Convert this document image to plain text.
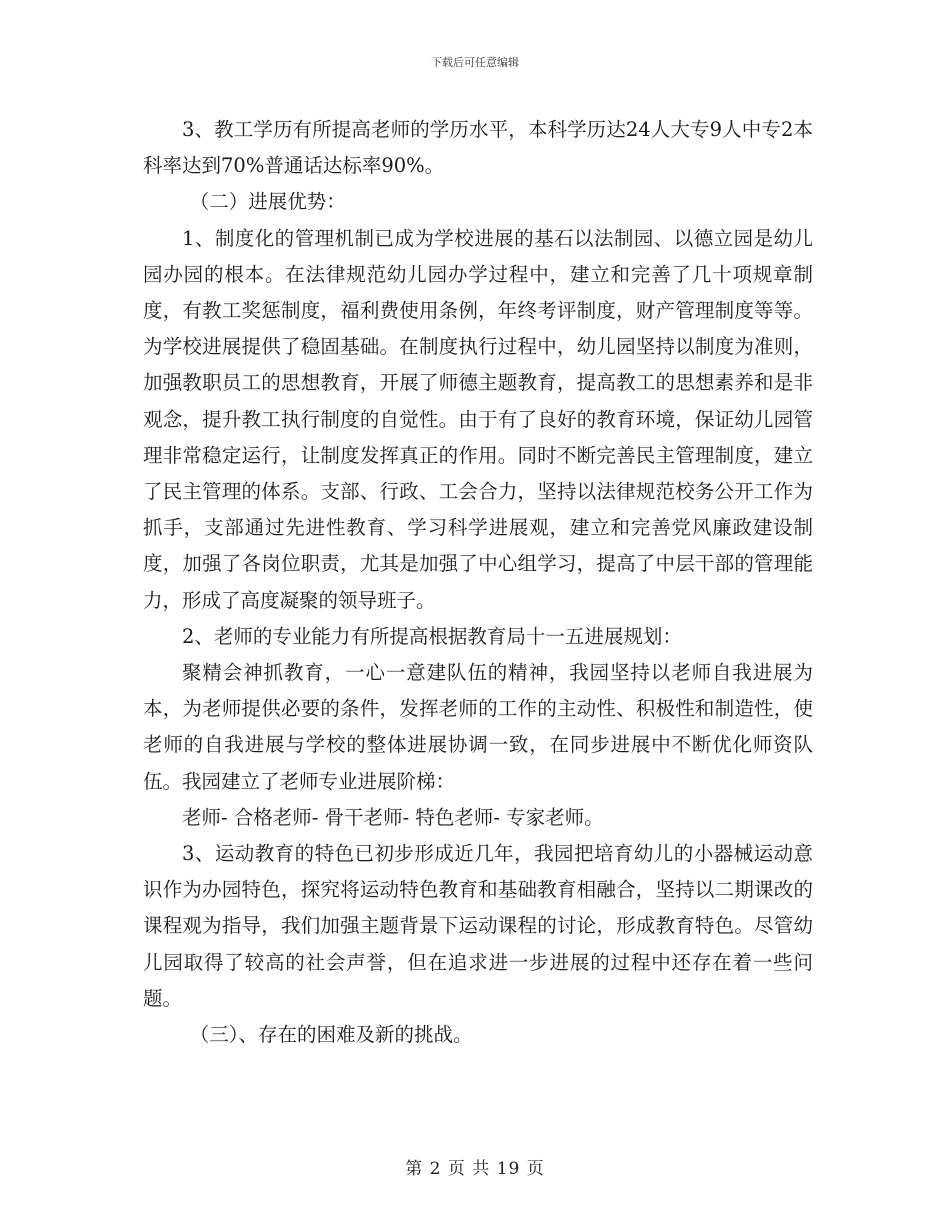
下载后可任意编辑

3、教工学历有所提高老师的学历水平，本科学历达24人大专9人中专2本科率达到70%普通话达标率90%。

（二）进展优势：

1、制度化的管理机制已成为学校进展的基石以法制园、以德立园是幼儿园办园的根本。在法律规范幼儿园办学过程中，建立和完善了几十项规章制度，有教工奖惩制度，福利费使用条例，年终考评制度，财产管理制度等等。为学校进展提供了稳固基础。在制度执行过程中，幼儿园坚持以制度为准则，加强教职员工的思想教育，开展了师德主题教育，提高教工的思想素养和是非观念，提升教工执行制度的自觉性。由于有了良好的教育环境，保证幼儿园管理非常稳定运行，让制度发挥真正的作用。同时不断完善民主管理制度，建立了民主管理的体系。支部、行政、工会合力，坚持以法律规范校务公开工作为抓手，支部通过先进性教育、学习科学进展观，建立和完善党风廉政建设制度，加强了各岗位职责，尤其是加强了中心组学习，提高了中层干部的管理能力，形成了高度凝聚的领导班子。

2、老师的专业能力有所提高根据教育局十一五进展规划：

聚精会神抓教育，一心一意建队伍的精神，我园坚持以老师自我进展为本，为老师提供必要的条件，发挥老师的工作的主动性、积极性和制造性，使老师的自我进展与学校的整体进展协调一致，在同步进展中不断优化师资队伍。我园建立了老师专业进展阶梯：

老师- 合格老师- 骨干老师- 特色老师- 专家老师。

3、运动教育的特色已初步形成近几年，我园把培育幼儿的小器械运动意识作为办园特色，探究将运动特色教育和基础教育相融合，坚持以二期课改的课程观为指导，我们加强主题背景下运动课程的讨论，形成教育特色。尽管幼儿园取得了较高的社会声誉，但在追求进一步进展的过程中还存在着一些问题。

（三）、存在的困难及新的挑战。

第 2 页 共 19 页
